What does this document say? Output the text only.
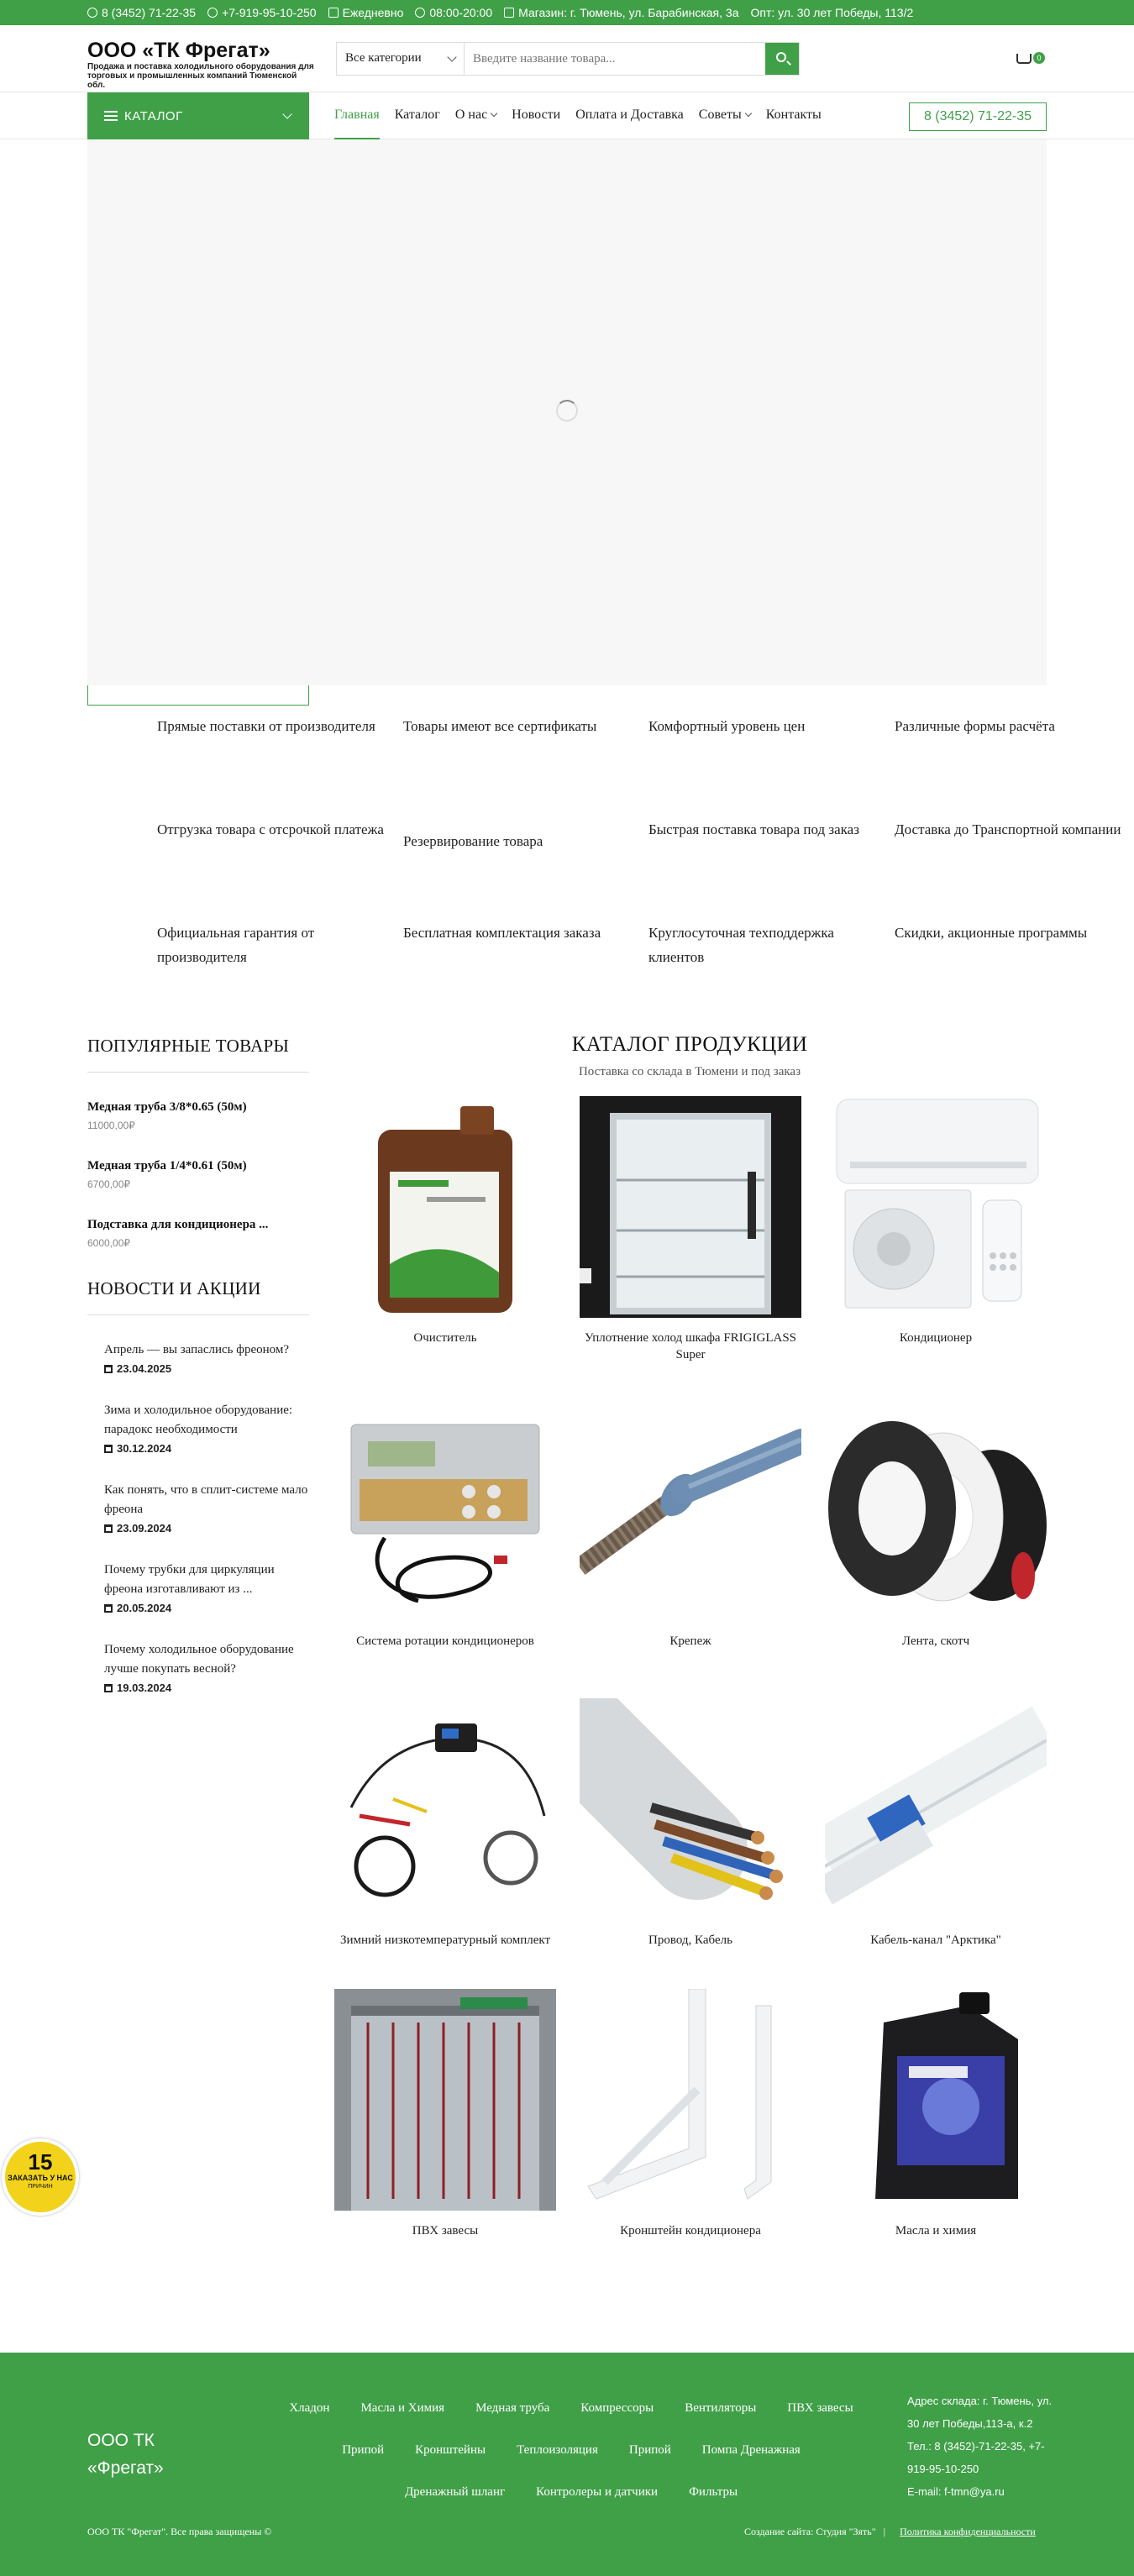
8 (3452) 71-22-35 +7-919-95-10-250 Ежедневно 08:00-20:00 Магазин: г. Тюмень, ул. Барабинская, 3а Опт: ул. 30 лет Победы, 113/2
ООО «ТК Фрегат»
Продажа и поставка холодильного оборудования для торговых и промышленных компаний Тюменской обл.
Все категории
Введите название товара...	0
КАТАЛОГ	Главная Каталог О нас	Новости Оплата и Доставка Советы	Контакты	8 (3452) 71-22-35
Прямые поставки от производителя	Товары имеют все сертификаты	Комфортный уровень цен	Различные формы расчёта
Отгрузка товара с отсрочкой платежа
Резервирование товара
Быстрая поставка товара под заказ	Доставка до Транспортной компании
Официальная гарантия от производителя
Бесплатная комплектация заказа	Круглосуточная техподдержка клиентов
Скидки, акционные программы
ПОПУЛЯРНЫЕ ТОВАРЫ
Медная труба 3/8*0.65 (50м)
11000,00₽
Медная труба 1/4*0.61 (50м)
6700,00₽
Подставка для кондиционера ...
6000,00₽
НОВОСТИ И АКЦИИ
Апрель — вы запаслись фреоном?
23.04.2025
Зима и холодильное оборудование: парадокс необходимости
30.12.2024
Как понять, что в сплит-системе мало фреона
23.09.2024
Почему трубки для циркуляции фреона изготавливают из ...
20.05.2024
Почему холодильное оборудование лучше покупать весной?
19.03.2024
КАТАЛОГ ПРОДУКЦИИ
Поставка со склада в Тюмени и под заказ
Очиститель	Уплотнение холод шкафа FRIGIGLASS Super
Кондиционер
Система ротации кондиционеров	Крепеж	Лента, скотч
Зимний низкотемпературный комплект	Провод, Кабель	Кабель-канал "Арктика"
ПВХ завесы	Кронштейн кондиционера	Масла и химия
15
ЗАКАЗАТЬ У НАС
ПРИЧИН
ООО ТК «Фрегат»
Хладон Масла и Химия Медная труба Компрессоры Вентиляторы ПВХ завесы
Припой Кронштейны Теплоизоляция Припой Помпа Дренажная
Дренажный шланг Контролеры и датчики Фильтры
Адрес склада: г. Тюмень, ул. 30 лет Победы,113-а, к.2
Тел.: 8 (3452)-71-22-35, +7-919-95-10-250
E-mail: f-tmn@ya.ru
ООО ТК "Фрегат". Все права защищены ©	Создание сайта: Студия "Зять" | Политика конфиденциальности
